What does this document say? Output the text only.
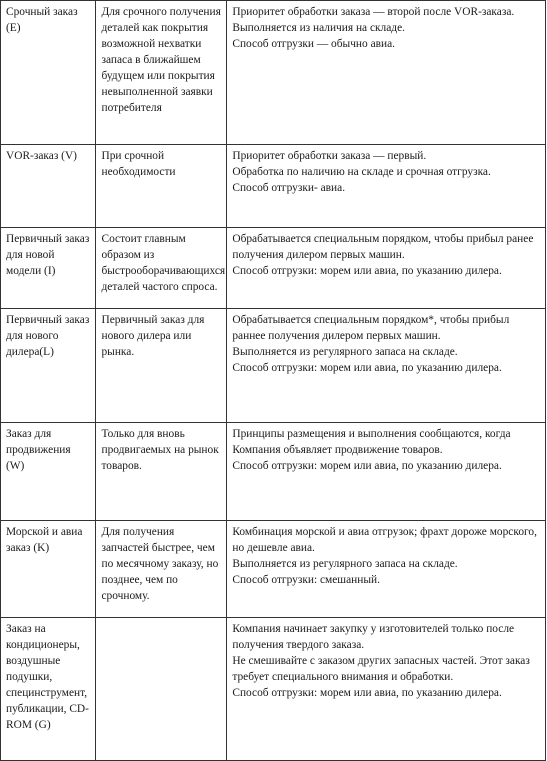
Срочный заказ (E)	Для срочного получения деталей как покрытия возможной нехватки запаса в ближайшем будущем или покрытия невыполненной заявки потребителя	Приоритет обработки заказа — второй после VOR-заказа.
Выполняется из наличия на складе.
Способ отгрузки — обычно авиа.

VOR-заказ (V)	При срочной необходимости	Приоритет обработки заказа — первый.
Обработка по наличию на складе и срочная отгрузка.
Способ отгрузки- авиа.

Первичный заказ для новой модели (I)	Состоит главным образом из быстрооборачивающихся деталей частого спроса.	Обрабатывается специальным порядком, чтобы прибыл ранее получения дилером первых машин.
Способ отгрузки: морем или авиа, по указанию дилера.

Первичный заказ для нового дилера(L)	Первичный заказ для нового дилера или рынка.	Обрабатывается специальным порядком*, чтобы прибыл раннее получения дилером первых машин.
Выполняется из регулярного запаса на складе.
Способ отгрузки: морем или авиа, по указанию дилера.

Заказ для продвижения (W)	Только для вновь продвигаемых на рынок товаров.	Принципы размещения и выполнения сообщаются, когда Компания объявляет продвижение товаров.
Способ отгрузки: морем или авиа, по указанию дилера.

Морской и авиа заказ (K)	Для получения запчастей быстрее, чем по месячному заказу, но позднее, чем по срочному.	Комбинация морской и авиа отгрузок; фрахт дороже морского, но дешевле авиа.
Выполняется из регулярного запаса на складе.
Способ отгрузки: смешанный.

Заказ на кондиционеры, воздушные подушки, специнструмент, публикации, CD-ROM (G)		Компания начинает закупку у изготовителей только после получения твердого заказа.
Не смешивайте с заказом других запасных частей. Этот заказ требует специального внимания и обработки.
Способ отгрузки: морем или авиа, по указанию дилера.
